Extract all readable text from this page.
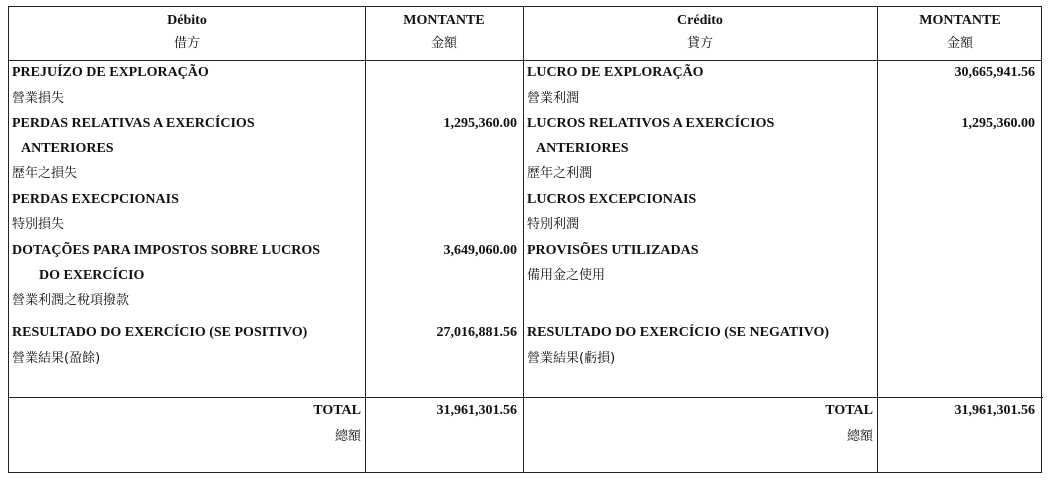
Débito
借方
MONTANTE
金額
Crédito
貸方
MONTANTE
金額
PREJUÍZO DE EXPLORAÇÃO
營業損失
PERDAS RELATIVAS A EXERCÍCIOS
ANTERIORES
歷年之損失
1,295,360.00
PERDAS EXECPCIONAIS
特別損失
DOTAÇÕES PARA IMPOSTOS SOBRE LUCROS
DO EXERCÍCIO
營業利潤之稅項撥款
3,649,060.00
RESULTADO DO EXERCÍCIO (SE POSITIVO)
營業結果(盈餘)
27,016,881.56
LUCRO DE EXPLORAÇÃO
營業利潤
30,665,941.56
LUCROS RELATIVOS A EXERCÍCIOS
ANTERIORES
歷年之利潤
1,295,360.00
LUCROS EXCEPCIONAIS
特別利潤
PROVISÕES UTILIZADAS
備用金之使用
RESULTADO DO EXERCÍCIO (SE NEGATIVO)
營業結果(虧損)
TOTAL
總額
31,961,301.56	TOTAL
總額
31,961,301.56
